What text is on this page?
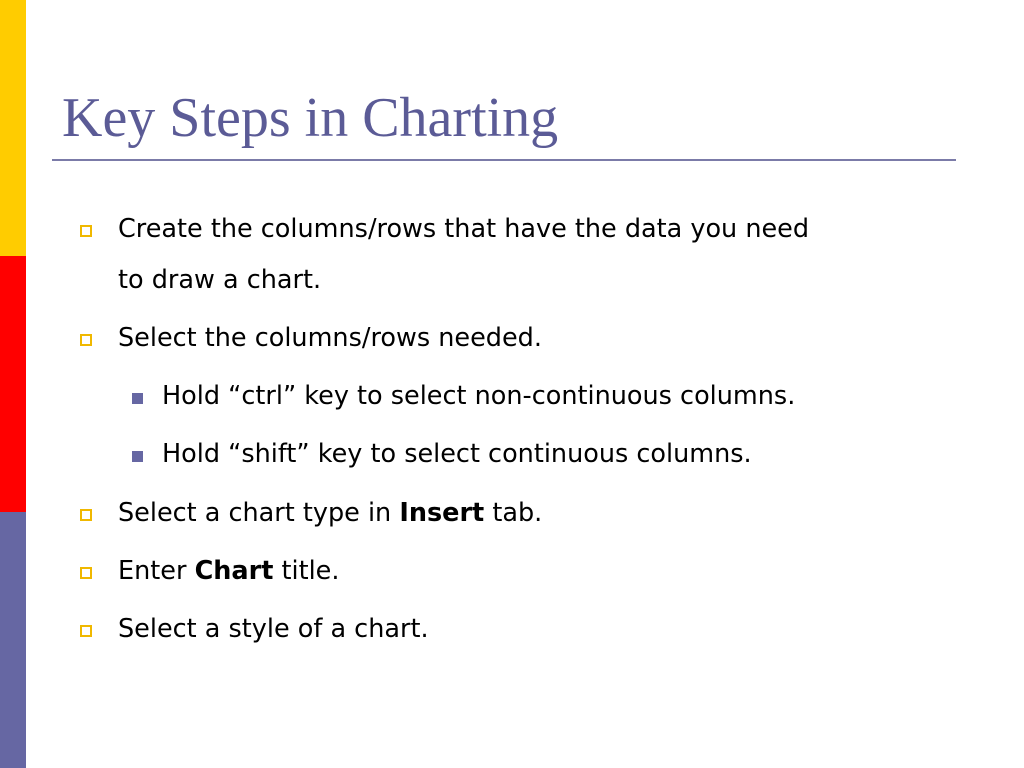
Key Steps in Charting

Create the columns/rows that have the data you need
to draw a chart.

Select the columns/rows needed.

Hold “ctrl” key to select non-continuous columns.

Hold “shift” key to select continuous columns.

Select a chart type in Insert tab.

Enter Chart title.

Select a style of a chart.
